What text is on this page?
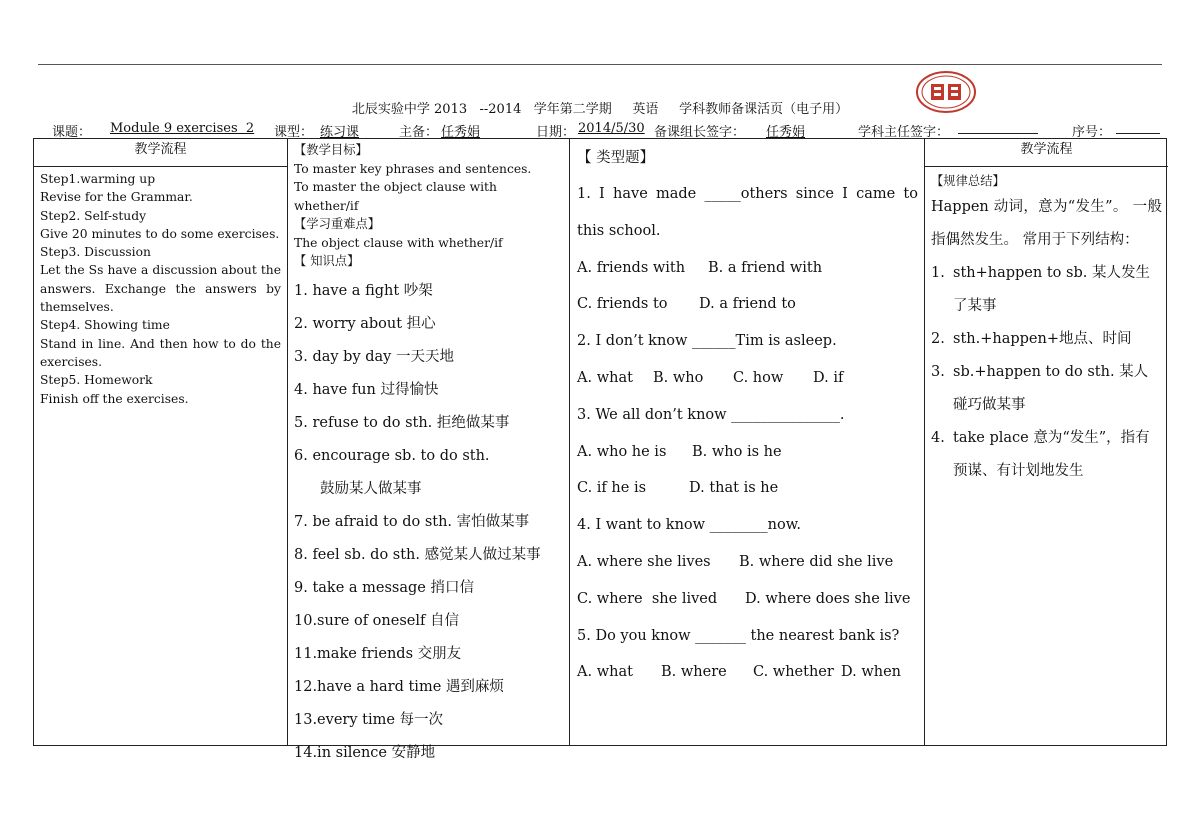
北辰实验中学 2013   --2014   学年第二学期     英语     学科教师备课活页（电子用）
课题： Module 9 exercises  2 课型： 练习课	主备： 任秀娟	日期： 2014/5/30 备课组长签字： 任秀娟	学科主任签字：	序号：
教学流程
Step1.warming up
Revise for the Grammar.
Step2. Self-study
Give 20 minutes to do some exercises.
Step3. Discussion
Let the Ss have a discussion about the answers. Exchange the answers by themselves.
Step4. Showing time
Stand in line. And then how to do the exercises.
Step5. Homework
Finish off the exercises.
【教学目标】
To master key phrases and sentences.
To master the object clause with whether/if
【学习重难点】
The object clause with whether/if
【 知识点】
1. have a fight 吵架
2. worry about 担心
3. day by day 一天天地
4. have fun 过得愉快
5. refuse to do sth. 拒绝做某事
6. encourage sb. to do sth.
鼓励某人做某事
7. be afraid to do sth. 害怕做某事
8. feel sb. do sth. 感觉某人做过某事
9. take a message 捎口信
10.sure of oneself 自信
11.make friends 交朋友
12.have a hard time 遇到麻烦
13.every time 每一次
14.in silence 安静地
【 类型题】
1. I have made _____others since I came to this school.
A. friends with B. a friend with
C. friends to D. a friend to
2. I don’t know ______Tim is asleep.
A. what B. who C. how D. if
3. We all don’t know _______________.
A. who he is B. who is he
C. if he is	D. that is he
4. I want to know ________now.
A. where she lives B. where did she live
C. where  she lived D. where does she live
5. Do you know _______ the nearest bank is?
A. what B. where C. whether D. when
教学流程
【规律总结】
Happen 动词，意为“发生”。 一般指偶然发生。 常用于下列结构：
1. sth+happen to sb. 某人发生了某事
2. sth.+happen+地点、时间
3. sb.+happen to do sth. 某人碰巧做某事
4. take place 意为“发生”，指有预谋、有计划地发生
